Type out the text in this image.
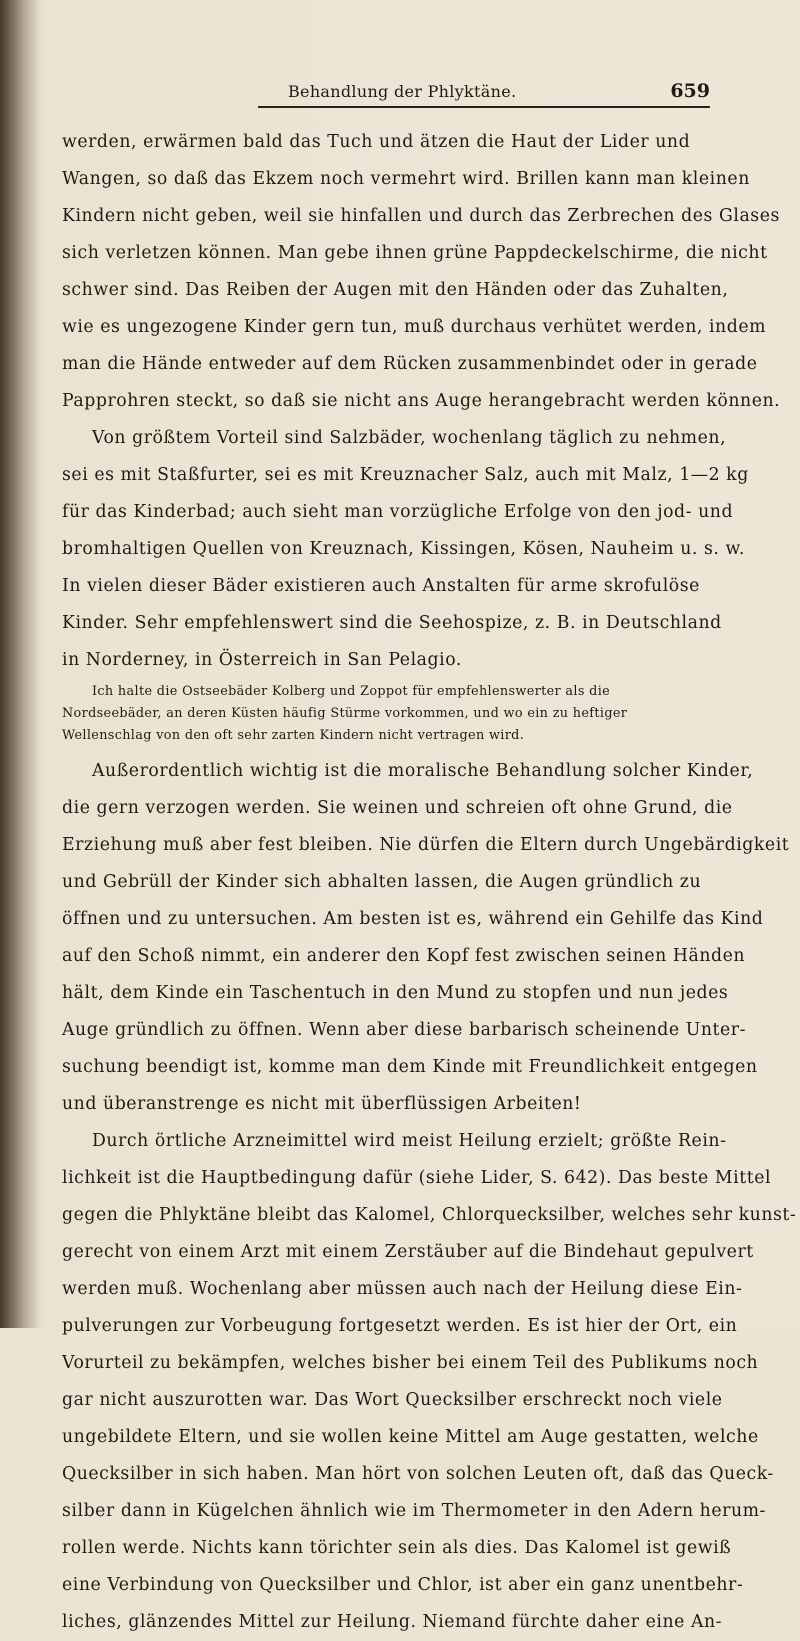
Behandlung der Phlyktäne.	659
werden, erwärmen bald das Tuch und ätzen die Haut der Lider und
Wangen, so daß das Ekzem noch vermehrt wird. Brillen kann man kleinen
Kindern nicht geben, weil sie hinfallen und durch das Zerbrechen des Glases
sich verletzen können. Man gebe ihnen grüne Pappdeckelschirme, die nicht
schwer sind. Das Reiben der Augen mit den Händen oder das Zuhalten,
wie es ungezogene Kinder gern tun, muß durchaus verhütet werden, indem
man die Hände entweder auf dem Rücken zusammenbindet oder in gerade
Papprohren steckt, so daß sie nicht ans Auge herangebracht werden können.
Von größtem Vorteil sind Salzbäder, wochenlang täglich zu nehmen,
sei es mit Staßfurter, sei es mit Kreuznacher Salz, auch mit Malz, 1—2 kg
für das Kinderbad; auch sieht man vorzügliche Erfolge von den jod- und
bromhaltigen Quellen von Kreuznach, Kissingen, Kösen, Nauheim u. s. w.
In vielen dieser Bäder existieren auch Anstalten für arme skrofulöse
Kinder. Sehr empfehlenswert sind die Seehospize, z. B. in Deutschland
in Norderney, in Österreich in San Pelagio.
Ich halte die Ostseebäder Kolberg und Zoppot für empfehlenswerter als die
Nordseebäder, an deren Küsten häufig Stürme vorkommen, und wo ein zu heftiger
Wellenschlag von den oft sehr zarten Kindern nicht vertragen wird.
Außerordentlich wichtig ist die moralische Behandlung solcher Kinder,
die gern verzogen werden. Sie weinen und schreien oft ohne Grund, die
Erziehung muß aber fest bleiben. Nie dürfen die Eltern durch Ungebärdigkeit
und Gebrüll der Kinder sich abhalten lassen, die Augen gründlich zu
öffnen und zu untersuchen. Am besten ist es, während ein Gehilfe das Kind
auf den Schoß nimmt, ein anderer den Kopf fest zwischen seinen Händen
hält, dem Kinde ein Taschentuch in den Mund zu stopfen und nun jedes
Auge gründlich zu öffnen. Wenn aber diese barbarisch scheinende Unter-
suchung beendigt ist, komme man dem Kinde mit Freundlichkeit entgegen
und überanstrenge es nicht mit überflüssigen Arbeiten!
Durch örtliche Arzneimittel wird meist Heilung erzielt; größte Rein-
lichkeit ist die Hauptbedingung dafür (siehe Lider, S. 642). Das beste Mittel
gegen die Phlyktäne bleibt das Kalomel, Chlorquecksilber, welches sehr kunst-
gerecht von einem Arzt mit einem Zerstäuber auf die Bindehaut gepulvert
werden muß. Wochenlang aber müssen auch nach der Heilung diese Ein-
pulverungen zur Vorbeugung fortgesetzt werden. Es ist hier der Ort, ein
Vorurteil zu bekämpfen, welches bisher bei einem Teil des Publikums noch
gar nicht auszurotten war. Das Wort Quecksilber erschreckt noch viele
ungebildete Eltern, und sie wollen keine Mittel am Auge gestatten, welche
Quecksilber in sich haben. Man hört von solchen Leuten oft, daß das Queck-
silber dann in Kügelchen ähnlich wie im Thermometer in den Adern herum-
rollen werde. Nichts kann törichter sein als dies. Das Kalomel ist gewiß
eine Verbindung von Quecksilber und Chlor, ist aber ein ganz unentbehr-
liches, glänzendes Mittel zur Heilung. Niemand fürchte daher eine An-
